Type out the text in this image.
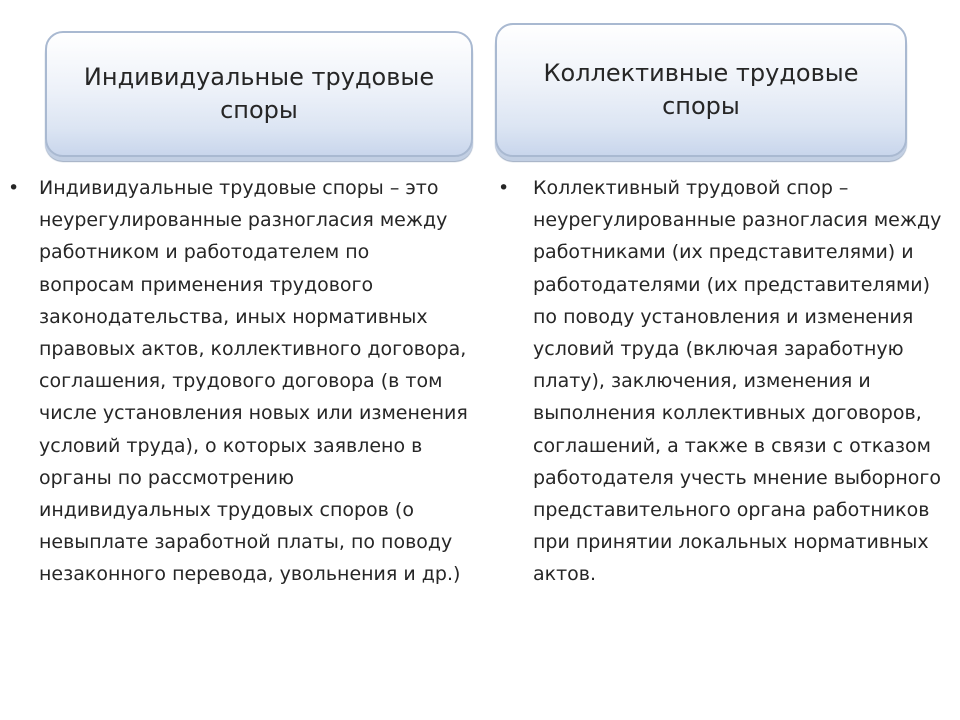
Индивидуальные трудовые
споры
Коллективные трудовые
споры
• Индивидуальные трудовые споры – это неурегулированные разногласия между работником и работодателем по вопросам применения трудового законодательства, иных нормативных правовых актов, коллективного договора, соглашения, трудового договора (в том числе установления новых или изменения условий труда), о которых заявлено в органы по рассмотрению индивидуальных трудовых споров (о невыплате заработной платы, по поводу незаконного перевода, увольнения и др.)
• Коллективный трудовой спор – неурегулированные разногласия между работниками (их представителями) и работодателями (их представителями) по поводу установления и изменения условий труда (включая заработную плату), заключения, изменения и выполнения коллективных договоров, соглашений, а также в связи с отказом работодателя учесть мнение выборного представительного органа работников при принятии локальных нормативных актов.
